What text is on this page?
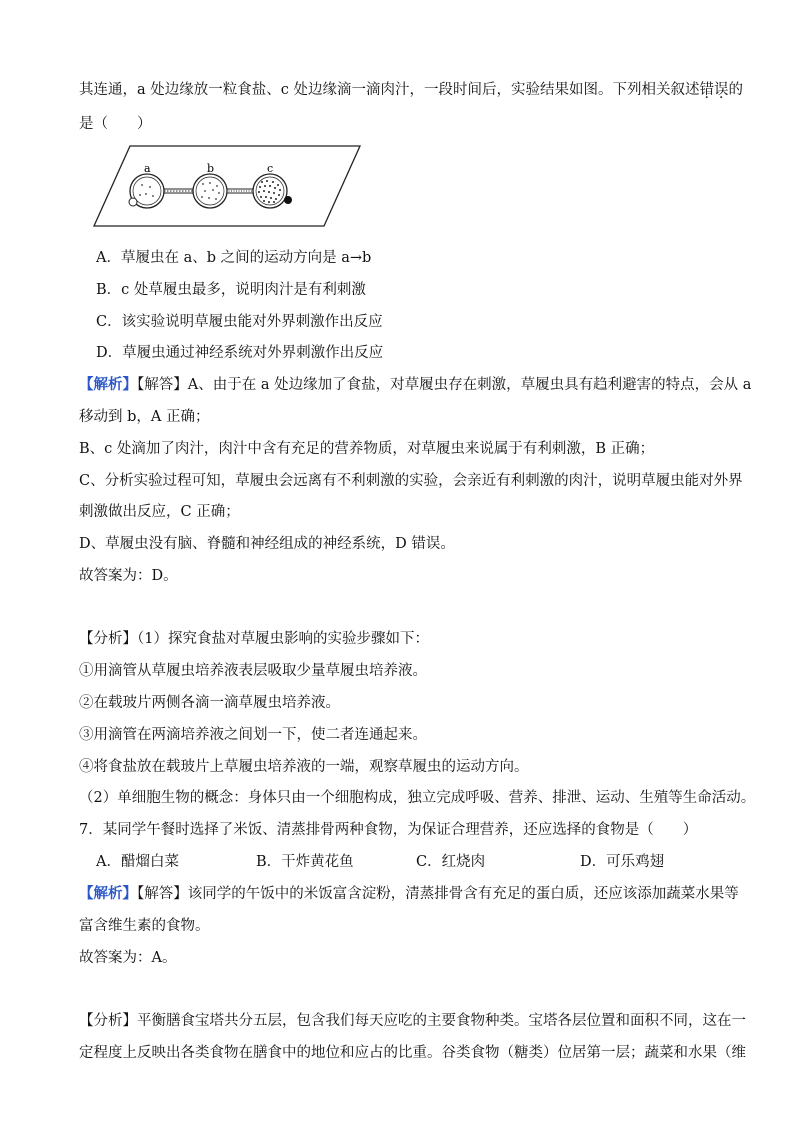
其连通，a 处边缘放一粒食盐、c 处边缘滴一滴肉汁，一段时间后，实验结果如图。下列相关叙述错误的
是（　　）
a	b	c
A．草履虫在 a、b 之间的运动方向是 a→b
B．c 处草履虫最多，说明肉汁是有利刺激
C．该实验说明草履虫能对外界刺激作出反应
D．草履虫通过神经系统对外界刺激作出反应
【解析】【解答】A、由于在 a 处边缘加了食盐，对草履虫存在刺激，草履虫具有趋利避害的特点，会从 a
移动到 b，A 正确；
B、c 处滴加了肉汁，肉汁中含有充足的营养物质，对草履虫来说属于有利刺激，B 正确；
C、分析实验过程可知，草履虫会远离有不利刺激的实验，会亲近有利刺激的肉汁，说明草履虫能对外界
刺激做出反应，C 正确；
D、草履虫没有脑、脊髓和神经组成的神经系统，D 错误。
故答案为：D。
【分析】（1）探究食盐对草履虫影响的实验步骤如下：
①用滴管从草履虫培养液表层吸取少量草履虫培养液。
②在载玻片两侧各滴一滴草履虫培养液。
③用滴管在两滴培养液之间划一下，使二者连通起来。
④将食盐放在载玻片上草履虫培养液的一端，观察草履虫的运动方向。
（2）单细胞生物的概念：身体只由一个细胞构成，独立完成呼吸、营养、排泄、运动、生殖等生命活动。
7．某同学午餐时选择了米饭、清蒸排骨两种食物，为保证合理营养，还应选择的食物是（　　）
A．醋熘白菜	B．干炸黄花鱼	C．红烧肉	D．可乐鸡翅
【解析】【解答】该同学的午饭中的米饭富含淀粉，清蒸排骨含有充足的蛋白质，还应该添加蔬菜水果等
富含维生素的食物。
故答案为：A。
【分析】平衡膳食宝塔共分五层，包含我们每天应吃的主要食物种类。宝塔各层位置和面积不同，这在一
定程度上反映出各类食物在膳食中的地位和应占的比重。谷类食物（糖类）位居第一层；蔬菜和水果（维
